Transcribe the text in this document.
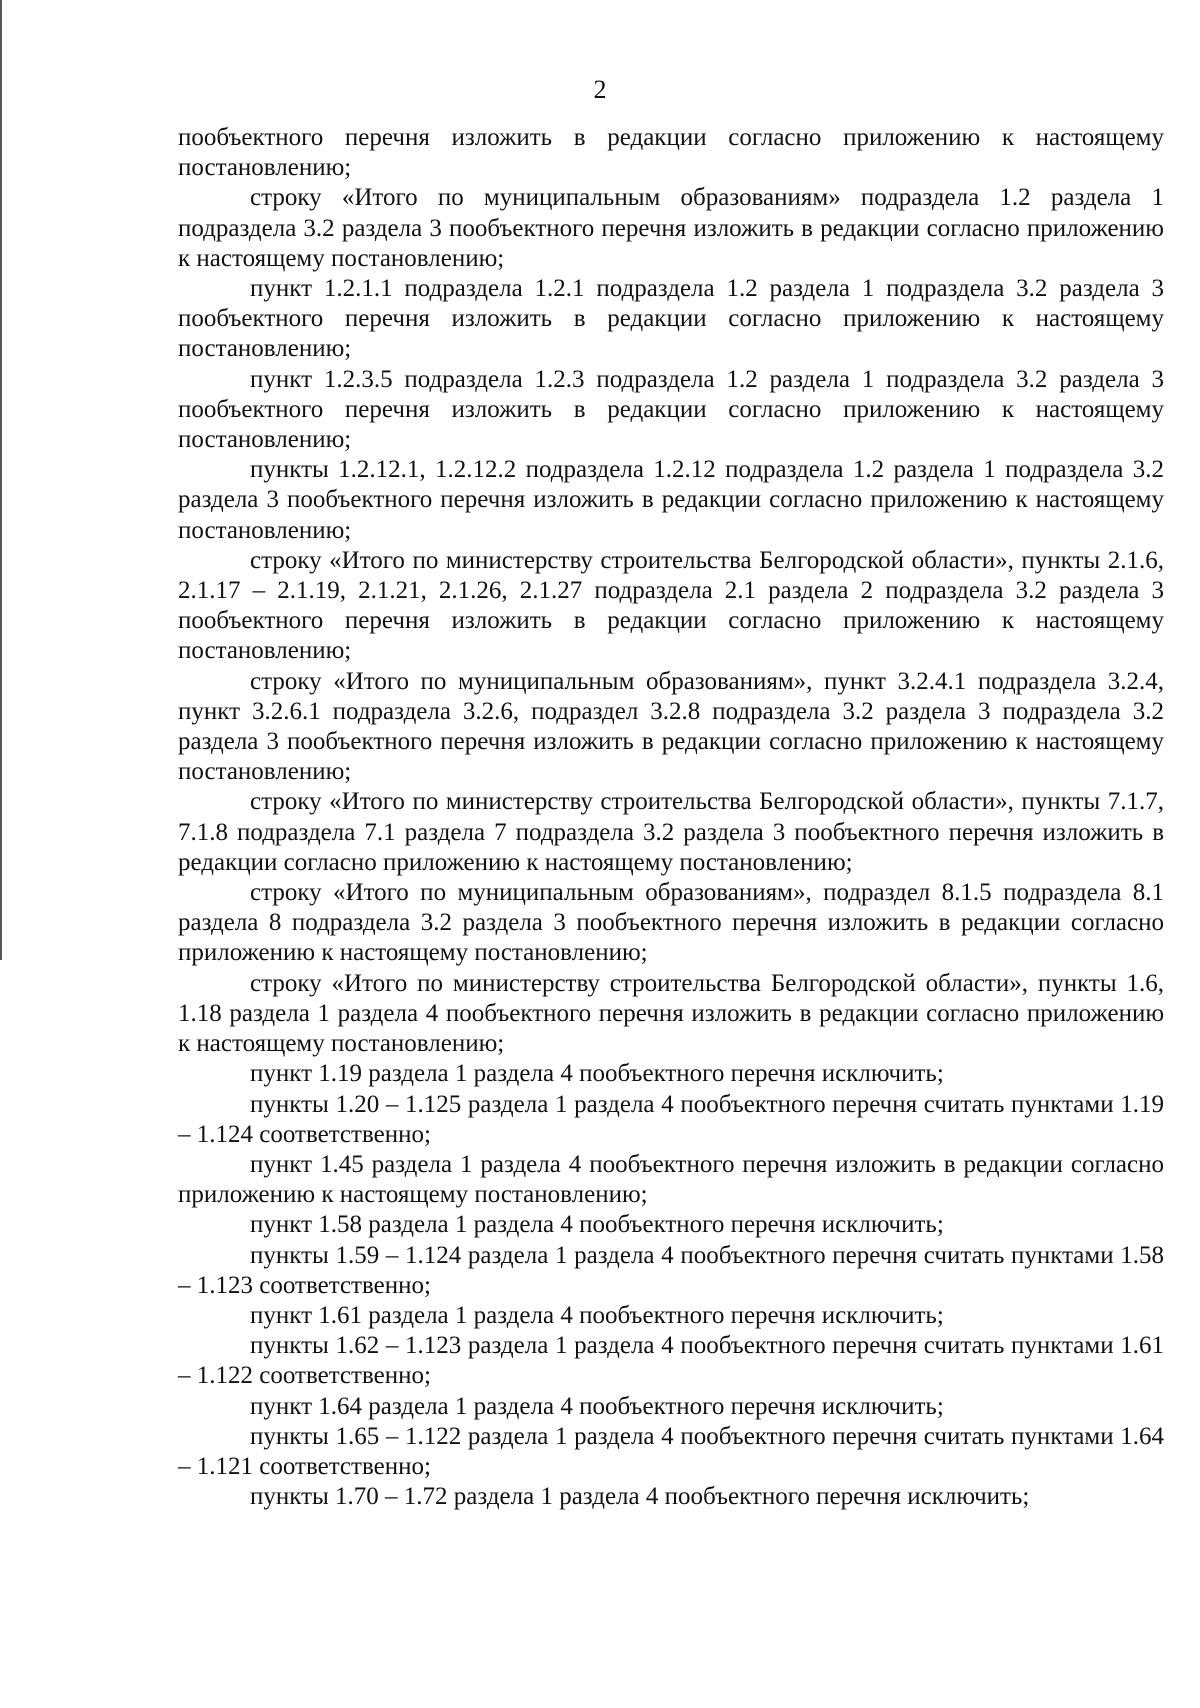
2

пообъектного перечня изложить в редакции согласно приложению к настоящему постановлению;

строку «Итого по муниципальным образованиям» подраздела 1.2 раздела 1 подраздела 3.2 раздела 3 пообъектного перечня изложить в редакции согласно приложению к настоящему постановлению;

пункт 1.2.1.1 подраздела 1.2.1 подраздела 1.2 раздела 1 подраздела 3.2 раздела 3 пообъектного перечня изложить в редакции согласно приложению к настоящему постановлению;

пункт 1.2.3.5 подраздела 1.2.3 подраздела 1.2 раздела 1 подраздела 3.2 раздела 3 пообъектного перечня изложить в редакции согласно приложению к настоящему постановлению;

пункты 1.2.12.1, 1.2.12.2 подраздела 1.2.12 подраздела 1.2 раздела 1 подраздела 3.2 раздела 3 пообъектного перечня изложить в редакции согласно приложению к настоящему постановлению;

строку «Итого по министерству строительства Белгородской области», пункты 2.1.6, 2.1.17 – 2.1.19, 2.1.21, 2.1.26, 2.1.27 подраздела 2.1 раздела 2 подраздела 3.2 раздела 3 пообъектного перечня изложить в редакции согласно приложению к настоящему постановлению;

строку «Итого по муниципальным образованиям», пункт 3.2.4.1 подраздела 3.2.4, пункт 3.2.6.1 подраздела 3.2.6, подраздел 3.2.8 подраздела 3.2 раздела 3 подраздела 3.2 раздела 3 пообъектного перечня изложить в редакции согласно приложению к настоящему постановлению;

строку «Итого по министерству строительства Белгородской области», пункты 7.1.7, 7.1.8 подраздела 7.1 раздела 7 подраздела 3.2 раздела 3 пообъектного перечня изложить в редакции согласно приложению к настоящему постановлению;

строку «Итого по муниципальным образованиям», подраздел 8.1.5 подраздела 8.1 раздела 8 подраздела 3.2 раздела 3 пообъектного перечня изложить в редакции согласно приложению к настоящему постановлению;

строку «Итого по министерству строительства Белгородской области», пункты 1.6, 1.18 раздела 1 раздела 4 пообъектного перечня изложить в редакции согласно приложению к настоящему постановлению;

пункт 1.19 раздела 1 раздела 4 пообъектного перечня исключить;

пункты 1.20 – 1.125 раздела 1 раздела 4 пообъектного перечня считать пунктами 1.19 – 1.124 соответственно;

пункт 1.45 раздела 1 раздела 4 пообъектного перечня изложить в редакции согласно приложению к настоящему постановлению;

пункт 1.58 раздела 1 раздела 4 пообъектного перечня исключить;

пункты 1.59 – 1.124 раздела 1 раздела 4 пообъектного перечня считать пунктами 1.58 – 1.123 соответственно;

пункт 1.61 раздела 1 раздела 4 пообъектного перечня исключить;

пункты 1.62 – 1.123 раздела 1 раздела 4 пообъектного перечня считать пунктами 1.61 – 1.122 соответственно;

пункт 1.64 раздела 1 раздела 4 пообъектного перечня исключить;

пункты 1.65 – 1.122 раздела 1 раздела 4 пообъектного перечня считать пунктами 1.64 – 1.121 соответственно;

пункты 1.70 – 1.72 раздела 1 раздела 4 пообъектного перечня исключить;
